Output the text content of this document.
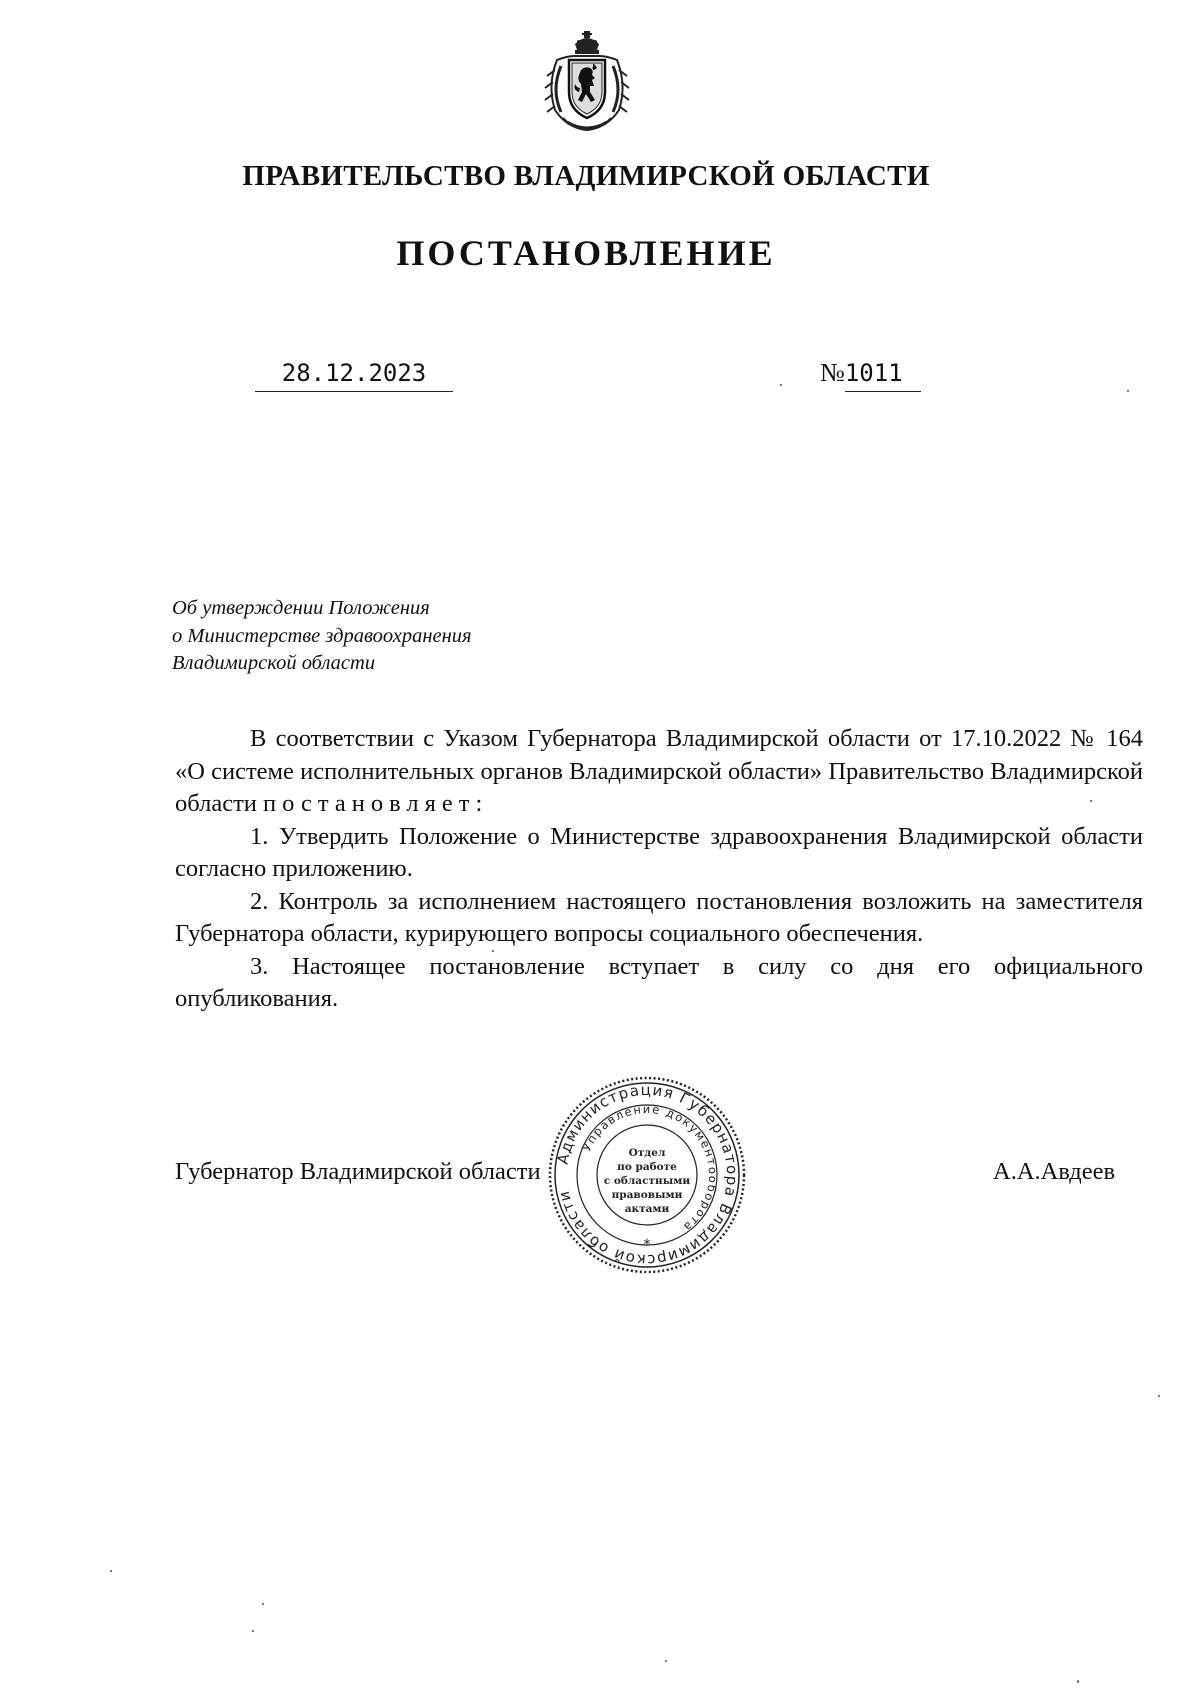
ПРАВИТЕЛЬСТВО ВЛАДИМИРСКОЙ ОБЛАСТИ
ПОСТАНОВЛЕНИЕ
28.12.2023	№1011
Об утверждении Положения
о Министерстве здравоохранения
Владимирской области

В соответствии с Указом Губернатора Владимирской области от 17.10.2022 № 164 «О системе исполнительных органов Владимирской области» Правительство Владимирской области постановляет:

1. Утвердить Положение о Министерстве здравоохранения Владимирской области согласно приложению.

2. Контроль за исполнением настоящего постановления возложить на заместителя Губернатора области, курирующего вопросы социального обеспечения.

3. Настоящее постановление вступает в силу со дня его официального опубликования.

Губернатор Владимирской области	А.А.Авдеев
Администрация Губернатора Владимирской области
Управление документооборота
Отдел
по работе
с областными
правовыми
актами
*
